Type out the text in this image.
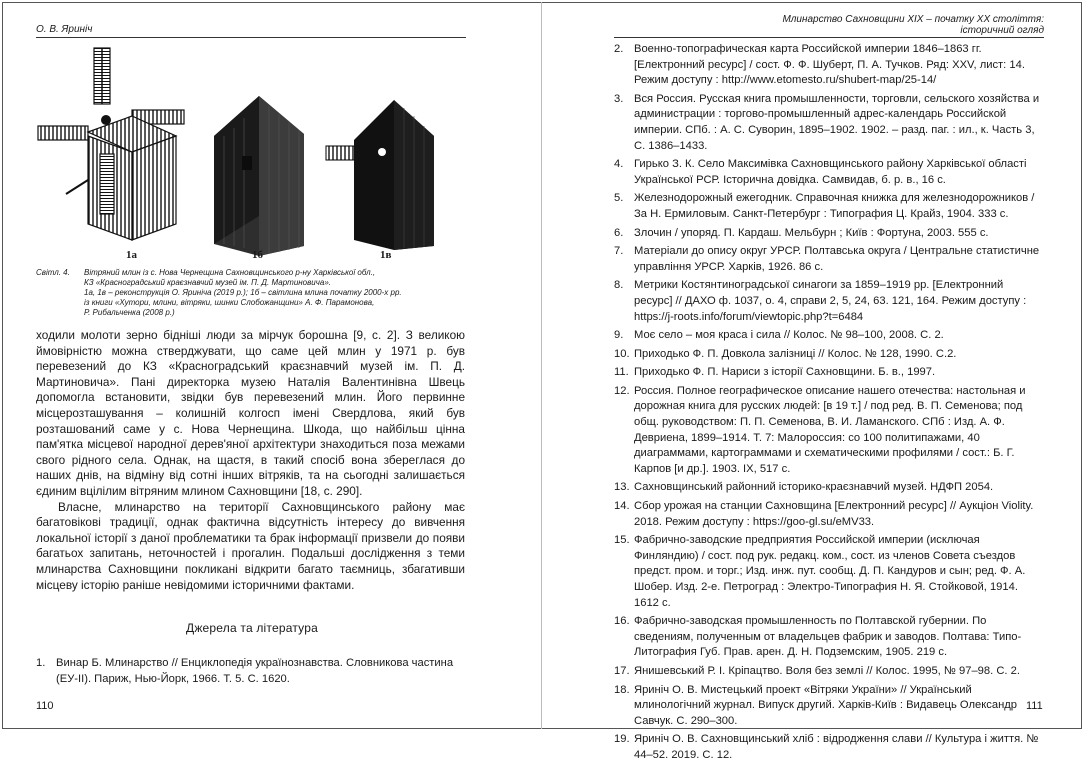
О. В. Яриніч
1а	1б	1в
Світл. 4. Вітряний млин із с. Нова Чернещина Сахновщинського р-ну Харківської обл.,
КЗ «Красноградський краєзнавчий музей ім. П. Д. Мартиновича».
1а, 1в – реконструкція О. Яриніча (2019 р.); 1б – світлина млина початку 2000-х рр.
із книги «Хутори, млини, вітряки, шинки Слобожанщини» А. Ф. Парамонова,
Р. Рибальченка (2008 р.)

ходили молоти зерно бідніші люди за мірчук борошна [9, с. 2]. З великою ймовірністю можна стверджувати, що саме цей млин у 1971 р. був перевезений до КЗ «Красноградський краєзнавчий музей ім. П. Д. Мартиновича». Пані директорка музею Наталія Валентинівна Швець допомогла встановити, звідки був перевезений млин. Його первинне місцерозташування – колишній колгосп імені Свердлова, який був розташований саме у с. Нова Чернещина. Шкода, що найбільш цінна пам'ятка місцевої народної дерев'яної архітектури знаходиться поза межами свого рідного села. Однак, на щастя, в такий спосіб вона збереглася до наших днів, на відміну від сотні інших вітряків, та на сьогодні залишається єдиним вцілілим вітряним млином Сахновщини [18, с. 290].

Власне, млинарство на території Сахновщинського району має багатовікові традиції, однак фактична відсутність інтересу до вивчення локальної історії з даної проблематики та брак інформації призвели до появи багатьох запитань, неточностей і прогалин. Подальші дослідження з теми млинарства Сахновщини покликані відкрити багато таємниць, збагативши місцеву історію раніше невідомими історичними фактами.

Джерела та література
1. Винар Б. Млинарство // Енциклопедія українознавства. Словникова частина (ЕУ-ІІ). Париж, Нью-Йорк, 1966. Т. 5. С. 1620.
110
Млинарство Сахновщини XIX – початку XX століття:
історичний огляд
2. Военно-топографическая карта Российской империи 1846–1863 гг. [Електронний ресурс] / сост. Ф. Ф. Шуберт, П. А. Тучков. Ряд: XXV, лист: 14. Режим доступу : http://www.etomesto.ru/shubert-map/25-14/
3. Вся Россия. Русская книга промышленности, торговли, сельского хозяйства и администрации : торгово-промышленный адрес-календарь Российской империи. СПб. : А. С. Суворин, 1895–1902. 1902. – разд. паг. : ил., к. Часть 3, С. 1386–1433.
4. Гирько З. К. Село Максимівка Сахновщинського району Харківської області Української РСР. Історична довідка. Самвидав, б. р. в., 16 с.
5. Железнодорожный ежегодник. Справочная книжка для железнодорожников / За Н. Ермиловым. Санкт-Петербург : Типография Ц. Крайз, 1904. 333 с.
6. Злочин / упоряд. П. Кардаш. Мельбурн ; Київ : Фортуна, 2003. 555 с.
7. Матеріали до опису округ УРСР. Полтавська округа / Центральне статистичне управління УРСР. Харків, 1926. 86 с.
8. Метрики Костянтиноградської синагоги за 1859–1919 рр. [Електронний ресурс] // ДАХО ф. 1037, о. 4, справи 2, 5, 24, 63. 121, 164. Режим доступу : https://j-roots.info/forum/viewtopic.php?t=6484
9. Моє село – моя краса і сила // Колос. № 98–100, 2008. С. 2.
10. Приходько Ф. П. Довкола залізниці // Колос. № 128, 1990. С.2.
11. Приходько Ф. П. Нариси з історії Сахновщини. Б. в., 1997.
12. Россия. Полное географическое описание нашего отечества: настольная и дорожная книга для русских людей: [в 19 т.] / под ред. В. П. Семенова; под общ. руководством: П. П. Семенова, В. И. Ламанского. СПб : Изд. А. Ф. Девриена, 1899–1914. Т. 7: Малороссия: со 100 политипажами, 40 диаграммами, картограммами и схематическими профилями / сост.: Б. Г. Карпов [и др.]. 1903. IX, 517 с.
13. Сахновщинський районний історико-краєзнавчий музей. НДФП 2054.
14. Сбор урожая на станции Сахновщина [Електронний ресурс] // Аукціон Violity. 2018. Режим доступу : https://goo-gl.su/eMV33.
15. Фабрично-заводские предприятия Российской империи (исключая Финляндию) / сост. под рук. редакц. ком., сост. из членов Совета съездов предст. пром. и торг.; Изд. инж. пут. сообщ. Д. П. Кандуров и сын; ред. Ф. А. Шобер. Изд. 2-е. Петроград : Электро-Типография Н. Я. Стойковой, 1914. 1612 с.
16. Фабрично-заводская промышленность по Полтавской губернии. По сведениям, полученным от владельцев фабрик и заводов. Полтава: Типо-Литография Губ. Прав. арен. Д. Н. Подземским, 1905. 219 с.
17. Янишевський Р. І. Кріпацтво. Воля без землі // Колос. 1995, № 97–98. С. 2.
18. Яриніч О. В. Мистецький проект «Вітряки України» // Український млинологічний журнал. Випуск другий. Харків-Київ : Видавець Олександр Савчук. С. 290–300.
19. Яриніч О. В. Сахновщинський хліб : відродження слави // Культура і життя. № 44–52. 2019. С. 12.
111
